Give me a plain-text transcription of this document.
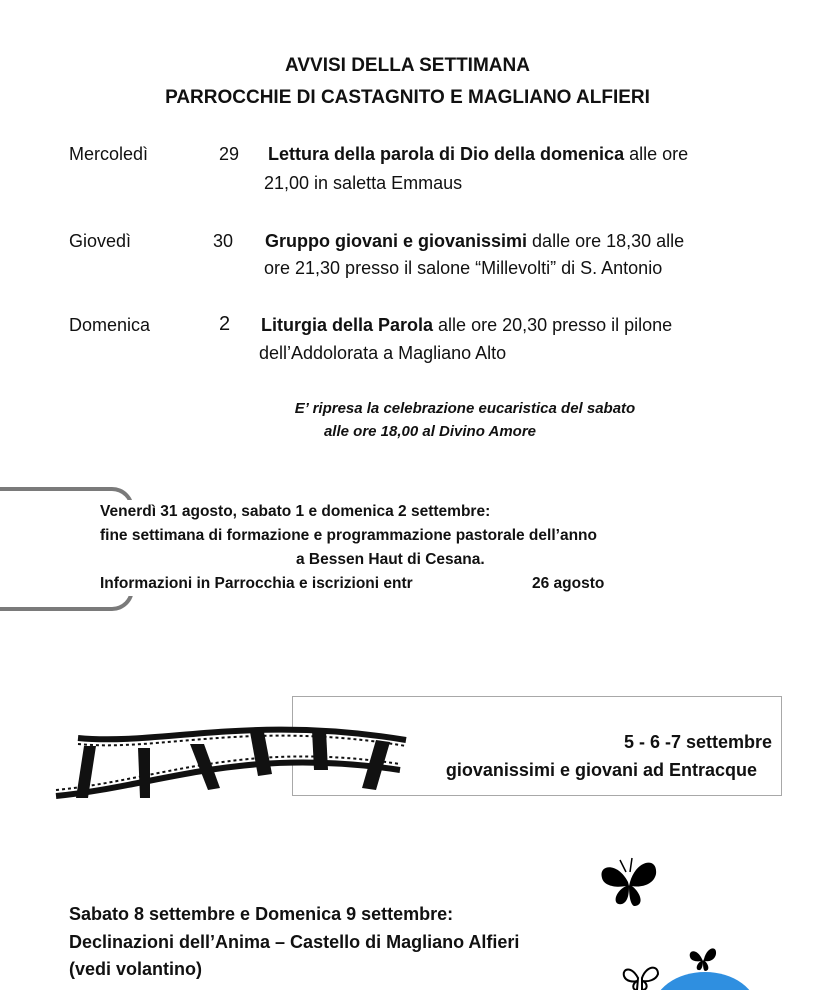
AVVISI DELLA SETTIMANA
PARROCCHIE DI CASTAGNITO E MAGLIANO ALFIERI
Mercoledì	29 Lettura della parola di Dio della domenica alle ore
21,00 in saletta Emmaus
Giovedì	30 Gruppo giovani e giovanissimi dalle ore 18,30 alle
ore 21,30 presso il salone “Millevolti” di S. Antonio
Domenica	2 Liturgia della Parola alle ore 20,30 presso il pilone
dell’Addolorata a Magliano Alto
E’ ripresa la celebrazione eucaristica del sabato
alle ore 18,00 al Divino Amore
Venerdì 31 agosto, sabato 1 e domenica 2 settembre:
fine settimana di formazione e programmazione pastorale dell’anno
a Bessen Haut di Cesana.
Informazioni in Parrocchia e iscrizioni entr	26 agosto
5 - 6 -7 settembre
giovanissimi e giovani ad Entracque
Sabato 8 settembre e Domenica 9 settembre:
Declinazioni dell’Anima – Castello di Magliano Alfieri
(vedi volantino)
